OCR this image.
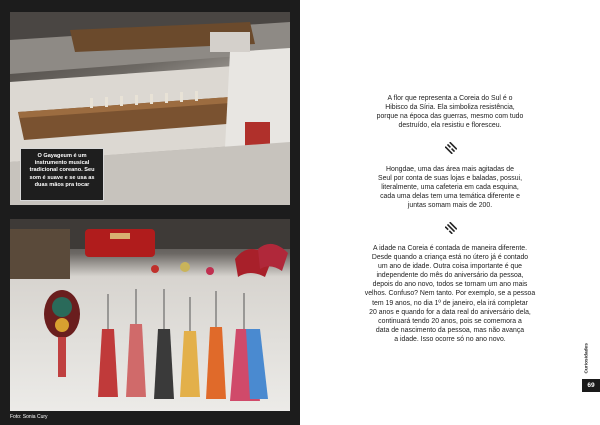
O Gayageum é um
instrumento musical
tradicional coreano. Seu
som é suave e se usa as
duas mãos pra tocar
Foto: Sonia Cury
A flor que representa a Coreia do Sul é o
Hibisco da Síria. Ela simboliza resistência,
porque na época das guerras, mesmo com tudo
destruído, ela resistiu e floresceu.
Hongdae, uma das área mais agitadas de
Seul por conta de suas lojas e baladas, possui,
literalmente, uma cafeteria em cada esquina,
cada uma delas tem uma temática diferente e
juntas somam mais de 200.
A idade na Coreia é contada de maneira diferente.
Desde quando a criança está no útero já é contado
um ano de idade. Outra coisa importante é que
independente do mês do aniversário da pessoa,
depois do ano novo, todos se tornam um ano mais
velhos. Confuso? Nem tanto. Por exemplo, se a pessoa
tem 19 anos, no dia 1º de janeiro, ela irá completar
20 anos e quando for a data real do aniversário dela,
continuará tendo 20 anos, pois se comemora a
data de nascimento da pessoa, mas não avança
a idade. Isso ocorre só no ano novo.
Curiosidades
69
